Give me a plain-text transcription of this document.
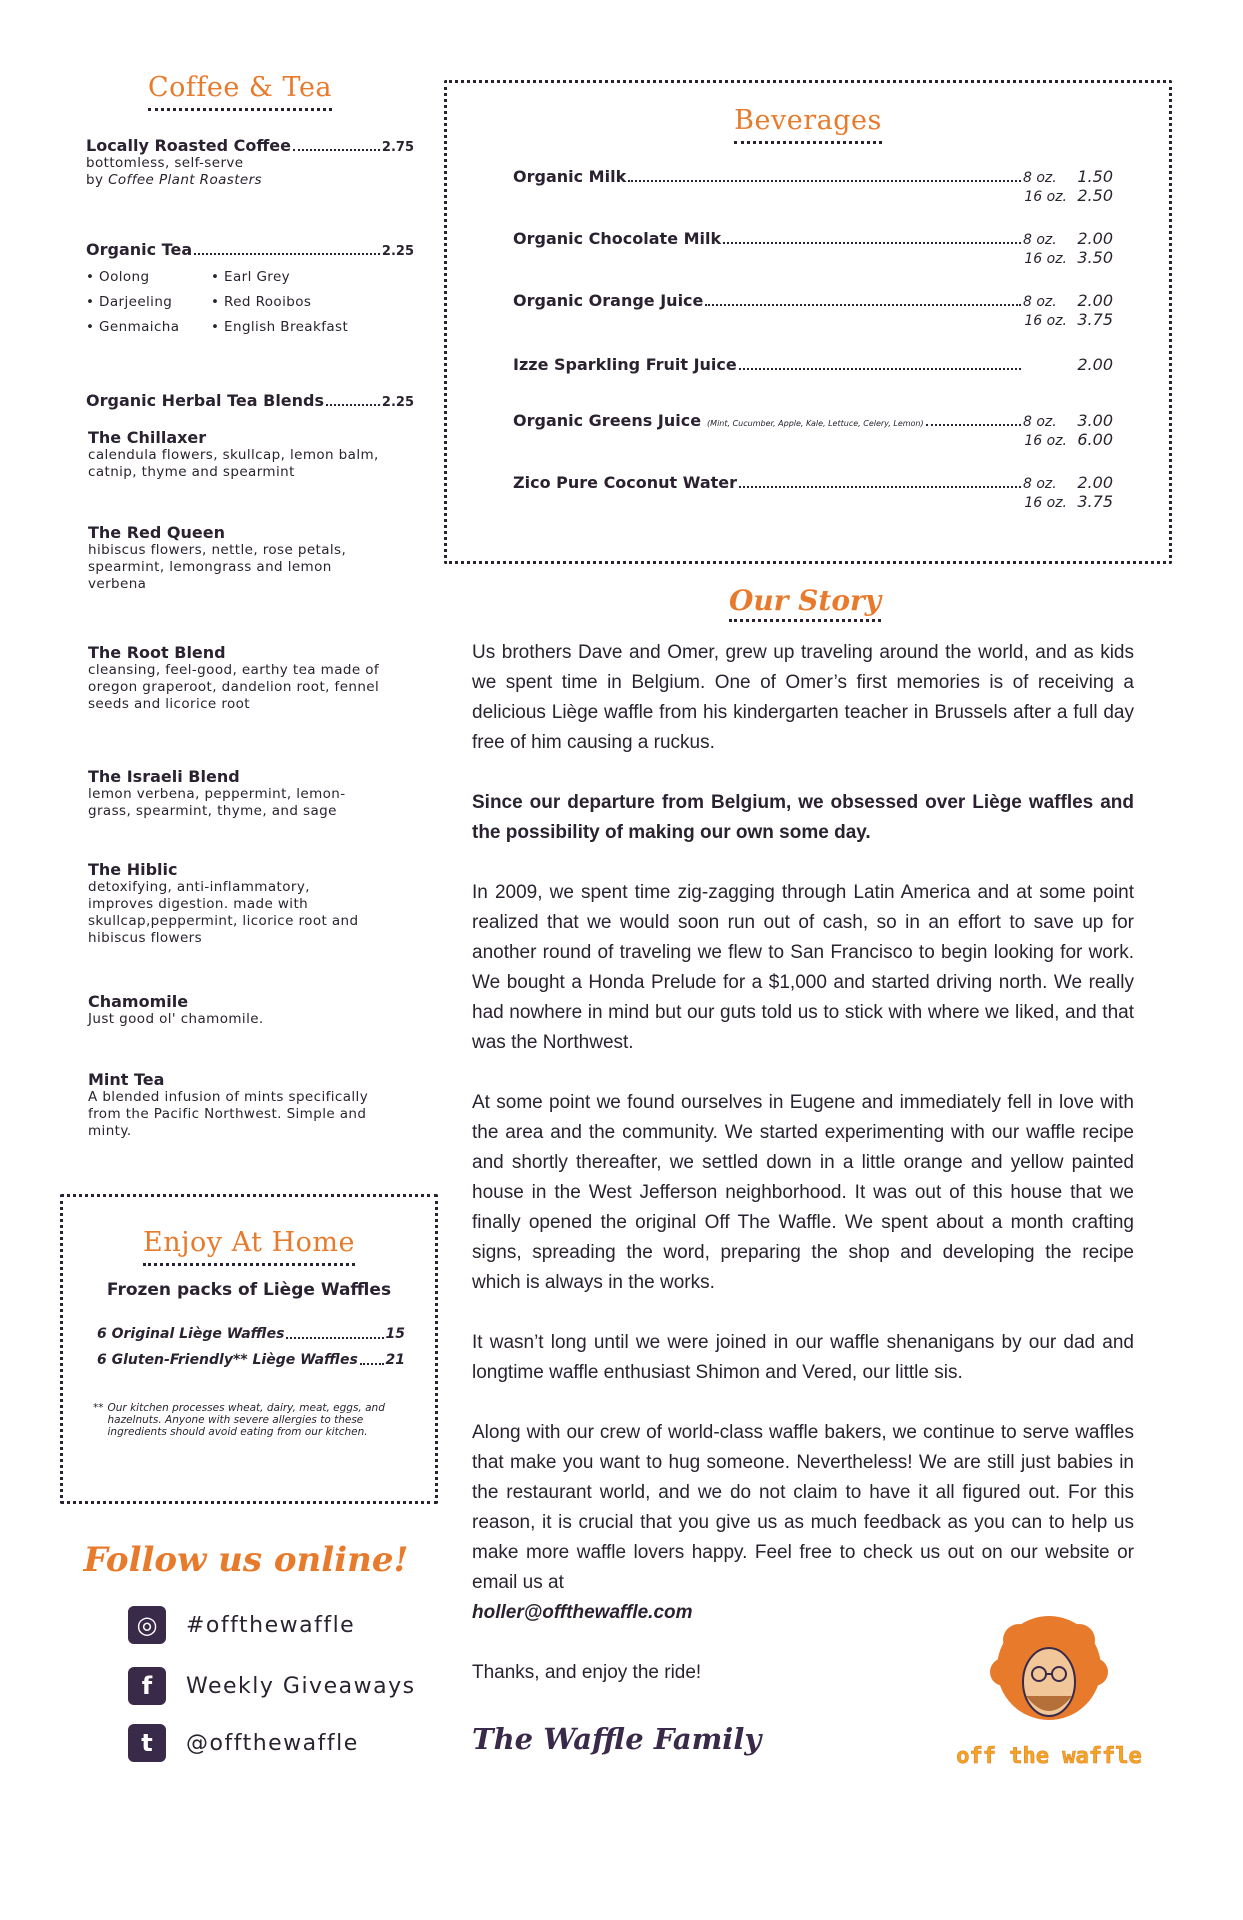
Coffee & Tea
Locally Roasted Coffee	2.75
bottomless, self-serve
by Coffee Plant Roasters
Organic Tea	2.25
• Oolong
• Darjeeling
• Genmaicha
• Earl Grey
• Red Rooibos
• English Breakfast
Organic Herbal Tea Blends	2.25
The Chillaxer
calendula flowers, skullcap, lemon balm, catnip, thyme and spearmint
The Red Queen
hibiscus flowers, nettle, rose petals, spearmint, lemongrass and lemon verbena
The Root Blend
cleansing, feel-good, earthy tea made of oregon graperoot, dandelion root, fennel seeds and licorice root
The Israeli Blend
lemon verbena, peppermint, lemon-grass, spearmint, thyme, and sage
The Hiblic
detoxifying, anti-inflammatory, improves digestion. made with skullcap,peppermint, licorice root and hibiscus flowers
Chamomile
Just good ol' chamomile.
Mint Tea
A blended infusion of mints specifically from the Pacific Northwest. Simple and minty.
Enjoy At Home
Frozen packs of Liège Waffles
6 Original Liège Waffles	15
6 Gluten-Friendly** Liège Waffles 21
** Our kitchen processes wheat, dairy, meat, eggs, and hazelnuts. Anyone with severe allergies to these ingredients should avoid eating from our kitchen.
Follow us online!
◎	#offthewaffle
f	Weekly Giveaways
t	@offthewaffle
Beverages
Organic Milk	8 oz.	1.50
16 oz. 2.50
Organic Chocolate Milk	8 oz.	2.00
16 oz. 3.50
Organic Orange Juice	8 oz.	2.00
16 oz. 3.75
Izze Sparkling Fruit Juice	2.00
Organic Greens Juice (Mint, Cucumber, Apple, Kale, Lettuce, Celery, Lemon)	8 oz.	3.00
16 oz. 6.00
Zico Pure Coconut Water	8 oz.	2.00
16 oz. 3.75
Our Story

Us brothers Dave and Omer, grew up traveling around the world, and as kids we spent time in Belgium. One of Omer’s first memories is of receiving a delicious Liège waffle from his kindergarten teacher in Brussels after a full day free of him causing a ruckus.

Since our departure from Belgium, we obsessed over Liège waffles and the possibility of making our own some day.

In 2009, we spent time zig-zagging through Latin America and at some point realized that we would soon run out of cash, so in an effort to save up for another round of traveling we flew to San Francisco to begin looking for work. We bought a Honda Prelude for a $1,000 and started driving north. We really had nowhere in mind but our guts told us to stick with where we liked, and that was the Northwest.

At some point we found ourselves in Eugene and immediately fell in love with the area and the community. We started experimenting with our waffle recipe and shortly thereafter, we settled down in a little orange and yellow painted house in the West Jefferson neighborhood. It was out of this house that we finally opened the original Off The Waffle. We spent about a month crafting signs, spreading the word, preparing the shop and developing the recipe which is always in the works.

It wasn’t long until we were joined in our waffle shenanigans by our dad and longtime waffle enthusiast Shimon and Vered, our little sis.

Along with our crew of world-class waffle bakers, we continue to serve waffles that make you want to hug someone. Nevertheless! We are still just babies in the restaurant world, and we do not claim to have it all figured out. For this reason, it is crucial that you give us as much feedback as you can to help us make more waffle lovers happy. Feel free to check us out on our website or email us at
holler@offthewaffle.com

Thanks, and enjoy the ride!

The Waffle Family
off the waffle
